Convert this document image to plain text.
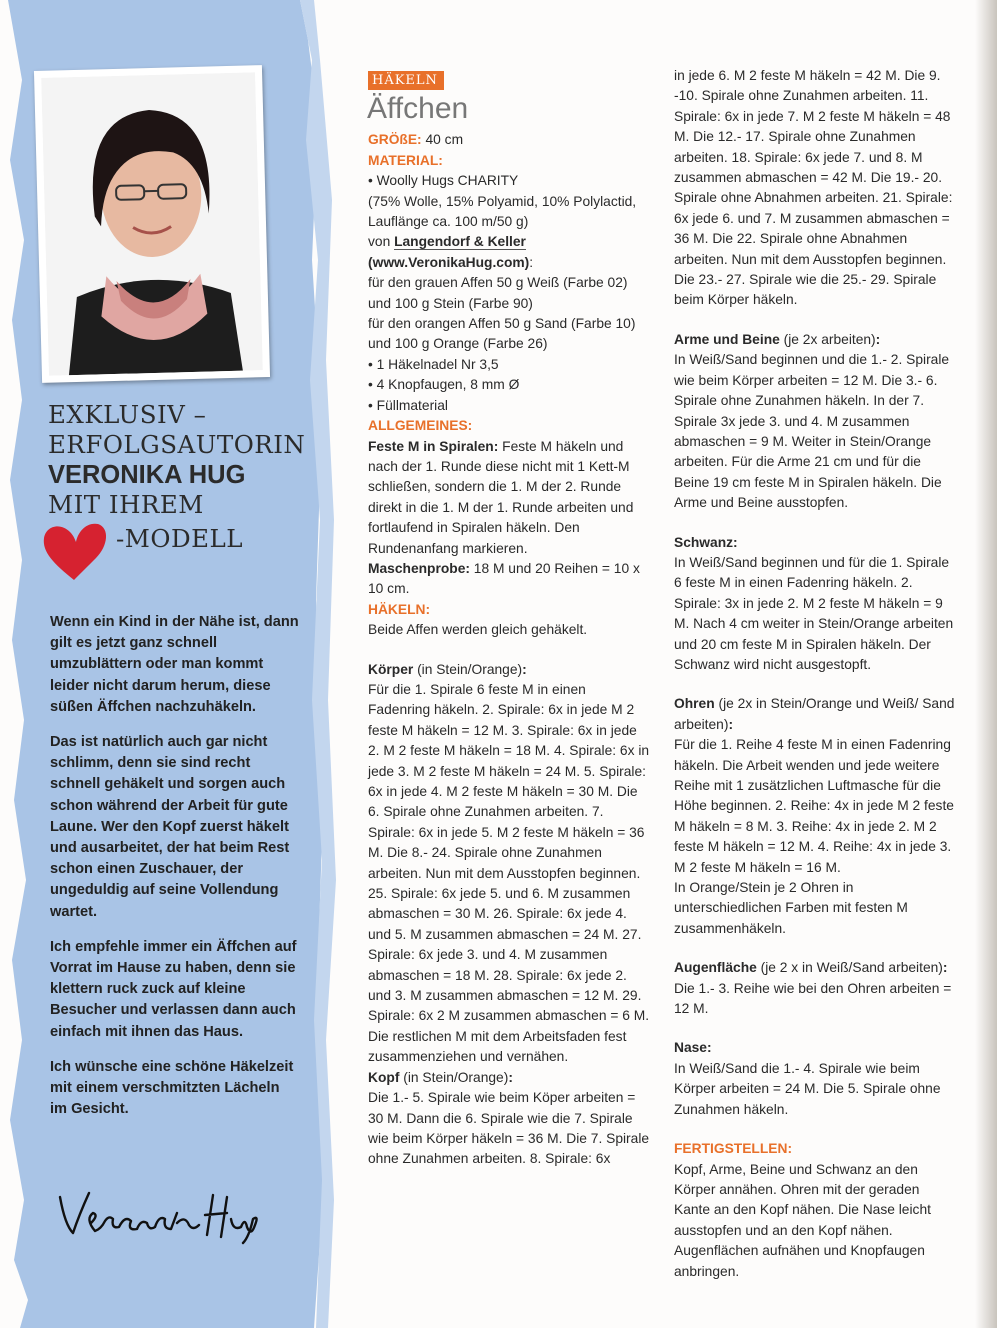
EXKLUSIV –
ERFOLGSAUTORIN
VERONIKA HUG
MIT IHREM
-MODELL

Wenn ein Kind in der Nähe ist, dann gilt es jetzt ganz schnell umzublättern oder man kommt leider nicht darum herum, diese süßen Äffchen nachzuhäkeln.

Das ist natürlich auch gar nicht schlimm, denn sie sind recht schnell gehäkelt und sorgen auch schon während der Arbeit für gute Laune. Wer den Kopf zuerst häkelt und ausarbeitet, der hat beim Rest schon einen Zuschauer, der ungeduldig auf seine Vollendung wartet.

Ich empfehle immer ein Äffchen auf Vorrat im Hause zu haben, denn sie klettern ruck zuck auf kleine Besucher und verlassen dann auch einfach mit ihnen das Haus.

Ich wünsche eine schöne Häkelzeit mit einem verschmitzten Lächeln im Gesicht.

HÄKELN
Äffchen

GRÖßE: 40 cm

MATERIAL:

• Woolly Hugs CHARITY

(75% Wolle, 15% Polyamid, 10% Polylactid, Lauflänge ca. 100 m/50 g)

von Langendorf & Keller

(www.VeronikaHug.com):

für den grauen Affen 50 g Weiß (Farbe 02) und 100 g Stein (Farbe 90)

für den orangen Affen 50 g Sand (Farbe 10) und 100 g Orange (Farbe 26)

• 1 Häkelnadel Nr 3,5

• 4 Knopfaugen, 8 mm Ø

• Füllmaterial

ALLGEMEINES:

Feste M in Spiralen: Feste M häkeln und nach der 1. Runde diese nicht mit 1 Kett-M schließen, sondern die 1. M der 2. Runde direkt in die 1. M der 1. Runde arbeiten und fortlaufend in Spiralen häkeln. Den Rundenanfang markieren.

Maschenprobe: 18 M und 20 Reihen = 10 x 10 cm.

HÄKELN:

Beide Affen werden gleich gehäkelt.

Körper (in Stein/Orange):

Für die 1. Spirale 6 feste M in einen Fadenring häkeln. 2. Spirale: 6x in jede M 2 feste M häkeln = 12 M. 3. Spirale: 6x in jede 2. M 2 feste M häkeln = 18 M. 4. Spirale: 6x in jede 3. M 2 feste M häkeln = 24 M. 5. Spirale: 6x in jede 4. M 2 feste M häkeln = 30 M. Die 6. Spirale ohne Zunahmen arbeiten. 7. Spirale: 6x in jede 5. M 2 feste M häkeln = 36 M. Die 8.- 24. Spirale ohne Zunahmen arbeiten. Nun mit dem Ausstopfen beginnen. 25. Spirale: 6x jede 5. und 6. M zusammen abmaschen = 30 M. 26. Spirale: 6x jede 4. und 5. M zusammen abmaschen = 24 M. 27. Spirale: 6x jede 3. und 4. M zusammen abmaschen = 18 M. 28. Spirale: 6x jede 2. und 3. M zusammen abmaschen = 12 M. 29. Spirale: 6x 2 M zusammen abmaschen = 6 M. Die restlichen M mit dem Arbeitsfaden fest zusammenziehen und vernähen.

Kopf (in Stein/Orange):

Die 1.- 5. Spirale wie beim Köper arbeiten = 30 M. Dann die 6. Spirale wie die 7. Spirale wie beim Körper häkeln = 36 M. Die 7. Spirale ohne Zunahmen arbeiten. 8. Spirale: 6x

in jede 6. M 2 feste M häkeln = 42 M. Die 9. -10. Spirale ohne Zunahmen arbeiten. 11. Spirale: 6x in jede 7. M 2 feste M häkeln = 48 M. Die 12.- 17. Spirale ohne Zunahmen arbeiten. 18. Spirale: 6x jede 7. und 8. M zusammen abmaschen = 42 M. Die 19.- 20. Spirale ohne Abnahmen arbeiten. 21. Spirale: 6x jede 6. und 7. M zusammen abmaschen = 36 M. Die 22. Spirale ohne Abnahmen arbeiten. Nun mit dem Ausstopfen beginnen. Die 23.- 27. Spirale wie die 25.- 29. Spirale beim Körper häkeln.

Arme und Beine (je 2x arbeiten):

In Weiß/Sand beginnen und die 1.- 2. Spirale wie beim Körper arbeiten = 12 M. Die 3.- 6. Spirale ohne Zunahmen häkeln. In der 7. Spirale 3x jede 3. und 4. M zusammen abmaschen = 9 M. Weiter in Stein/Orange arbeiten. Für die Arme 21 cm und für die Beine 19 cm feste M in Spiralen häkeln. Die Arme und Beine ausstopfen.

Schwanz:

In Weiß/Sand beginnen und für die 1. Spirale 6 feste M in einen Fadenring häkeln. 2. Spirale: 3x in jede 2. M 2 feste M häkeln = 9 M. Nach 4 cm weiter in Stein/Orange arbeiten und 20 cm feste M in Spiralen häkeln. Der Schwanz wird nicht ausgestopft.

Ohren (je 2x in Stein/Orange und Weiß/ Sand arbeiten):

Für die 1. Reihe 4 feste M in einen Fadenring häkeln. Die Arbeit wenden und jede weitere Reihe mit 1 zusätzlichen Luftmasche für die Höhe beginnen. 2. Reihe: 4x in jede M 2 feste M häkeln = 8 M. 3. Reihe: 4x in jede 2. M 2 feste M häkeln = 12 M. 4. Reihe: 4x in jede 3. M 2 feste M häkeln = 16 M.

In Orange/Stein je 2 Ohren in unterschiedlichen Farben mit festen M zusammenhäkeln.

Augenfläche (je 2 x in Weiß/Sand arbeiten):

Die 1.- 3. Reihe wie bei den Ohren arbeiten = 12 M.

Nase:

In Weiß/Sand die 1.- 4. Spirale wie beim Körper arbeiten = 24 M. Die 5. Spirale ohne Zunahmen häkeln.

FERTIGSTELLEN:

Kopf, Arme, Beine und Schwanz an den Körper annähen. Ohren mit der geraden Kante an den Kopf nähen. Die Nase leicht ausstopfen und an den Kopf nähen. Augenflächen aufnähen und Knopfaugen anbringen.
